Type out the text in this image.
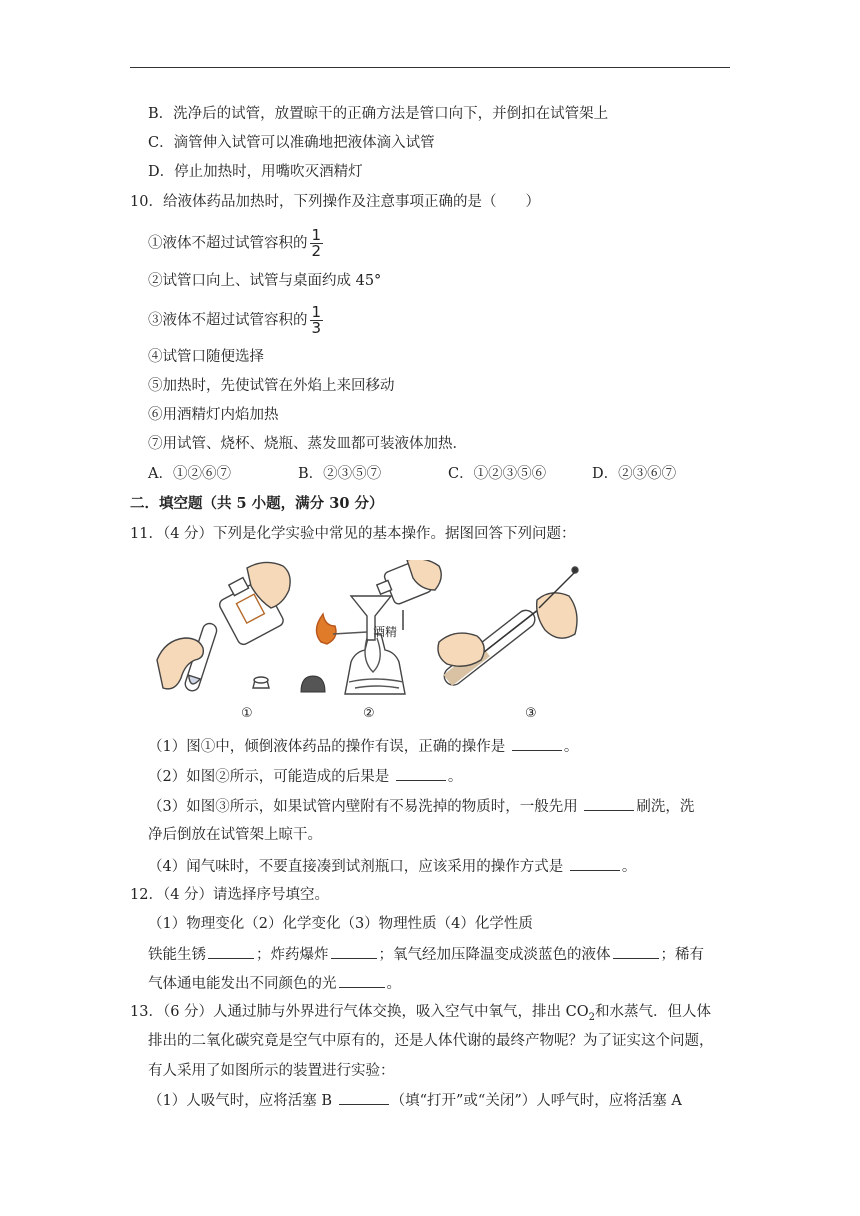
B．洗净后的试管，放置晾干的正确方法是管口向下，并倒扣在试管架上
C．滴管伸入试管可以准确地把液体滴入试管
D．停止加热时，用嘴吹灭酒精灯
10．给液体药品加热时，下列操作及注意事项正确的是（　　）
①液体不超过试管容积的 $\frac{1}{2}$
②试管口向上、试管与桌面约成 45°
③液体不超过试管容积的 $\frac{1}{3}$
④试管口随便选择
⑤加热时，先使试管在外焰上来回移动
⑥用酒精灯内焰加热
⑦用试管、烧杯、烧瓶、蒸发皿都可装液体加热．
A．①②⑥⑦	B．②③⑤⑦	C．①②③⑤⑥	D．②③⑥⑦
二．填空题（共 5 小题，满分 30 分）
11．（4 分）下列是化学实验中常见的基本操作。据图回答下列问题：
酒精
①	②	③
（1）图①中，倾倒液体药品的操作有误，正确的操作是	。
（2）如图②所示，可能造成的后果是	。
（3）如图③所示，如果试管内壁附有不易洗掉的物质时，一般先用	刷洗，洗
净后倒放在试管架上晾干。
（4）闻气味时，不要直接凑到试剂瓶口，应该采用的操作方式是	。
12．（4 分）请选择序号填空。
（1）物理变化（2）化学变化（3）物理性质（4）化学性质
铁能生锈	；炸药爆炸	；氧气经加压降温变成淡蓝色的液体	；稀有
气体通电能发出不同颜色的光	。
13．（6 分）人通过肺与外界进行气体交换，吸入空气中氧气，排出 $CO_2$和水蒸气．但人体
排出的二氧化碳究竟是空气中原有的，还是人体代谢的最终产物呢？为了证实这个问题，
有人采用了如图所示的装置进行实验：
（1）人吸气时，应将活塞 B	（填“打开”或“关闭”）人呼气时，应将活塞 A
